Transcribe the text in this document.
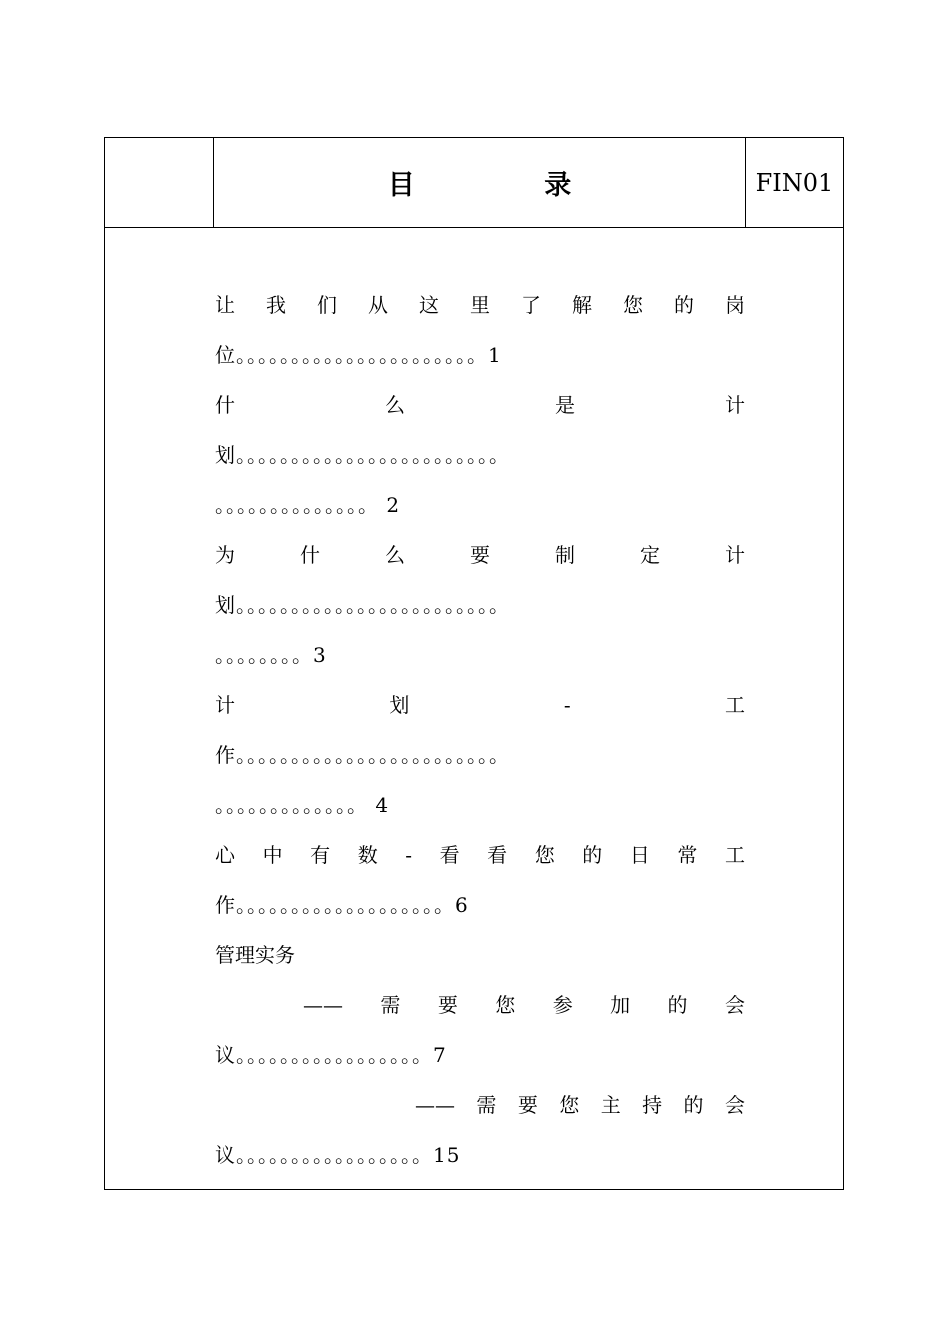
目 录	FIN01
让 我 们 从 这 里 了 解 您 的 岗
位。。。。。。。。。。。。。。。。。。。。。。1
什	么	是	计
划。。。。。。。。。。。。。。。。。。。。。。。。
。。。。。。。。。。。。。。 2
为	什	么	要	制	定	计
划。。。。。。。。。。。。。。。。。。。。。。。。
。。。。。。。。3
计	划	-	工
作。。。。。。。。。。。。。。。。。。。。。。。。
。。。。。。。。。。。。。 4
心 中 有 数 - 看 看 您 的 日 常 工
作。。。。。。。。。。。。。。。。。。。6
管理实务
—— 需 要 您 参 加 的 会
议。。。。。。。。。。。。。。。。。7
—— 需 要 您 主 持 的 会
议。。。。。。。。。。。。。。。。。15
